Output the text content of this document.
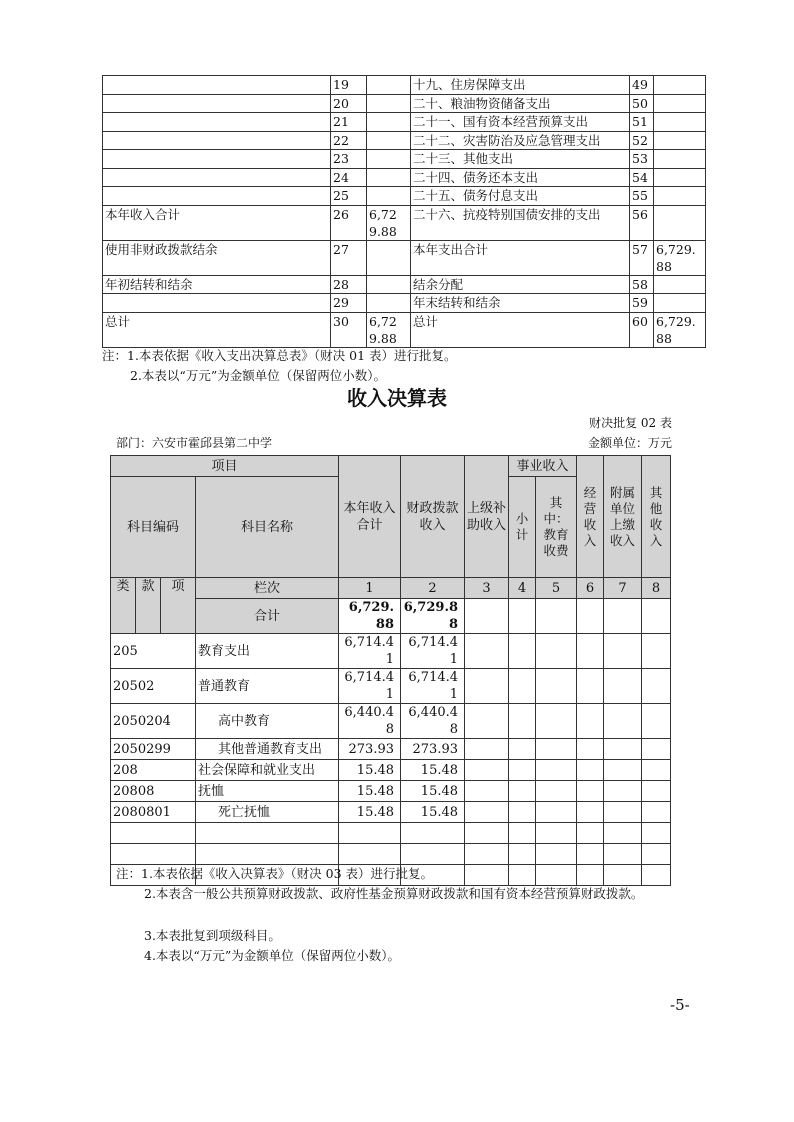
	19		十九、住房保障支出	49	
	20		二十、粮油物资储备支出	50	
	21		二十一、国有资本经营预算支出	51	
	22		二十二、灾害防治及应急管理支出	52	
	23		二十三、其他支出	53	
	24		二十四、债务还本支出	54	
	25		二十五、债务付息支出	55	
本年收入合计	26	6,729.88	二十六、抗疫特别国债安排的支出	56	
使用非财政拨款结余	27		本年支出合计	57	6,729.88
年初结转和结余	28		结余分配	58	
	29		年末结转和结余	59	
总计	30	6,729.88	总计	60	6,729.88
注：1.本表依据《收入支出决算总表》（财决 01 表）进行批复。
2.本表以“万元”为金额单位（保留两位小数）。
收入决算表
财决批复 02 表
部门：六安市霍邱县第二中学	金额单位：万元
项目				本年收入合计	财政拨款收入	上级补助收入	事业收入		经营收入	附属单位上缴收入	其他收入
科目编码			科目名称								
							小计	其中：教育收费			
类	款	项	栏次	1	2	3	4	5	6	7	8
			合计	6,729.88	6,729.88						
205			教育支出	6,714.41	6,714.41						
20502			普通教育	6,714.41	6,714.41						
2050204			高中教育	6,440.48	6,440.48						
2050299			其他普通教育支出	273.93	273.93						
208			社会保障和就业支出	15.48	15.48						
20808			抚恤	15.48	15.48						
2080801			死亡抚恤	15.48	15.48						

注：1.本表依据《收入决算表》（财决 03 表）进行批复。
2.本表含一般公共预算财政拨款、政府性基金预算财政拨款和国有资本经营预算财政拨款。
3.本表批复到项级科目。
4.本表以“万元”为金额单位（保留两位小数）。
-5-
